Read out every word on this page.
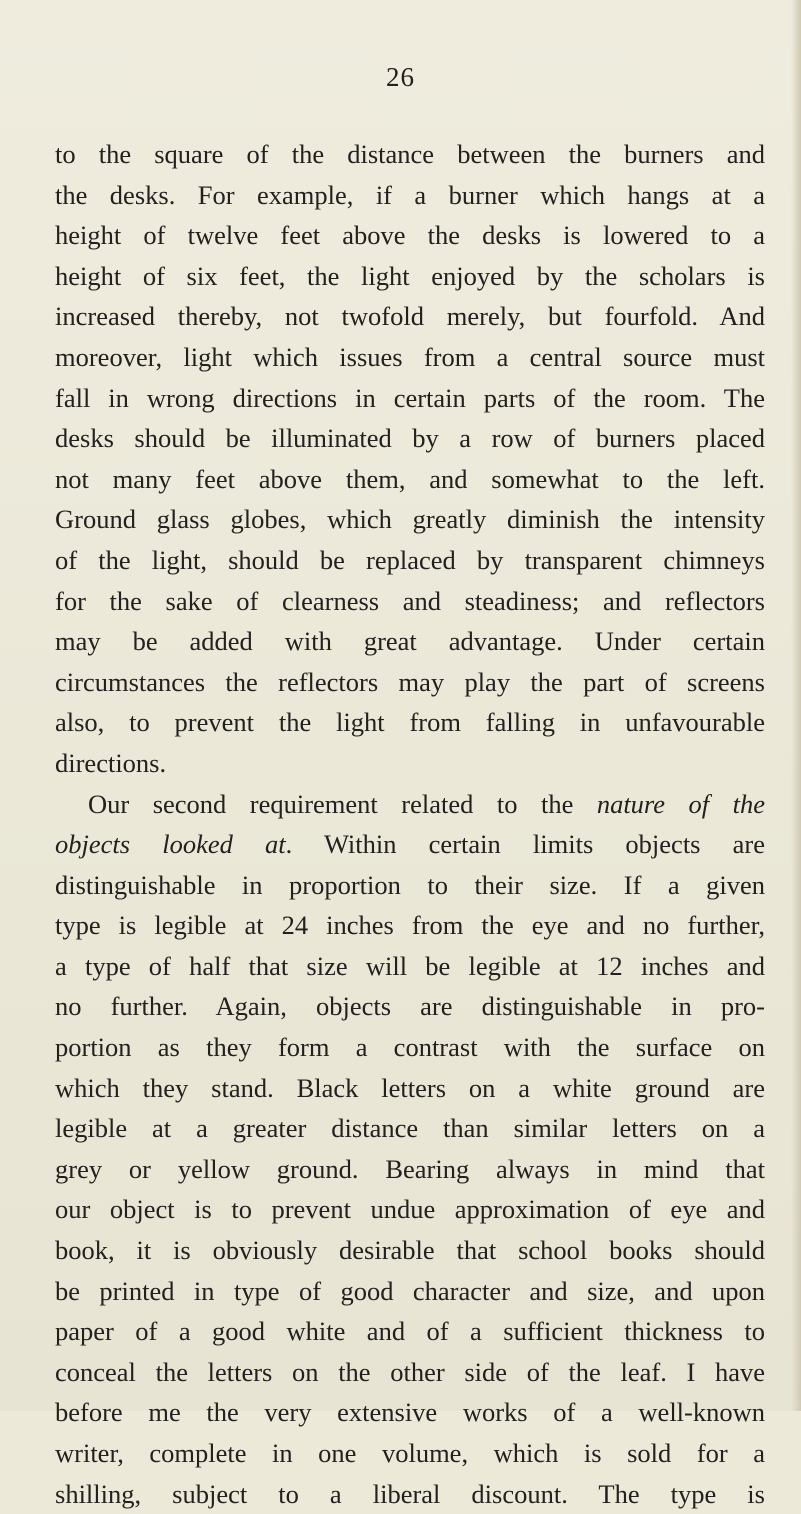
26
to the square of the distance between the burners and
the desks. For example, if a burner which hangs at a
height of twelve feet above the desks is lowered to a
height of six feet, the light enjoyed by the scholars is
increased thereby, not twofold merely, but fourfold. And
moreover, light which issues from a central source must
fall in wrong directions in certain parts of the room. The
desks should be illuminated by a row of burners placed
not many feet above them, and somewhat to the left.
Ground glass globes, which greatly diminish the intensity
of the light, should be replaced by transparent chimneys
for the sake of clearness and steadiness; and reflectors
may be added with great advantage. Under certain
circumstances the reflectors may play the part of screens
also, to prevent the light from falling in unfavourable
directions.
Our second requirement related to the nature of the
objects looked at. Within certain limits objects are
distinguishable in proportion to their size. If a given
type is legible at 24 inches from the eye and no further,
a type of half that size will be legible at 12 inches and
no further. Again, objects are distinguishable in pro-
portion as they form a contrast with the surface on
which they stand. Black letters on a white ground are
legible at a greater distance than similar letters on a
grey or yellow ground. Bearing always in mind that
our object is to prevent undue approximation of eye and
book, it is obviously desirable that school books should
be printed in type of good character and size, and upon
paper of a good white and of a sufficient thickness to
conceal the letters on the other side of the leaf. I have
before me the very extensive works of a well-known
writer, complete in one volume, which is sold for a
shilling, subject to a liberal discount. The type is
